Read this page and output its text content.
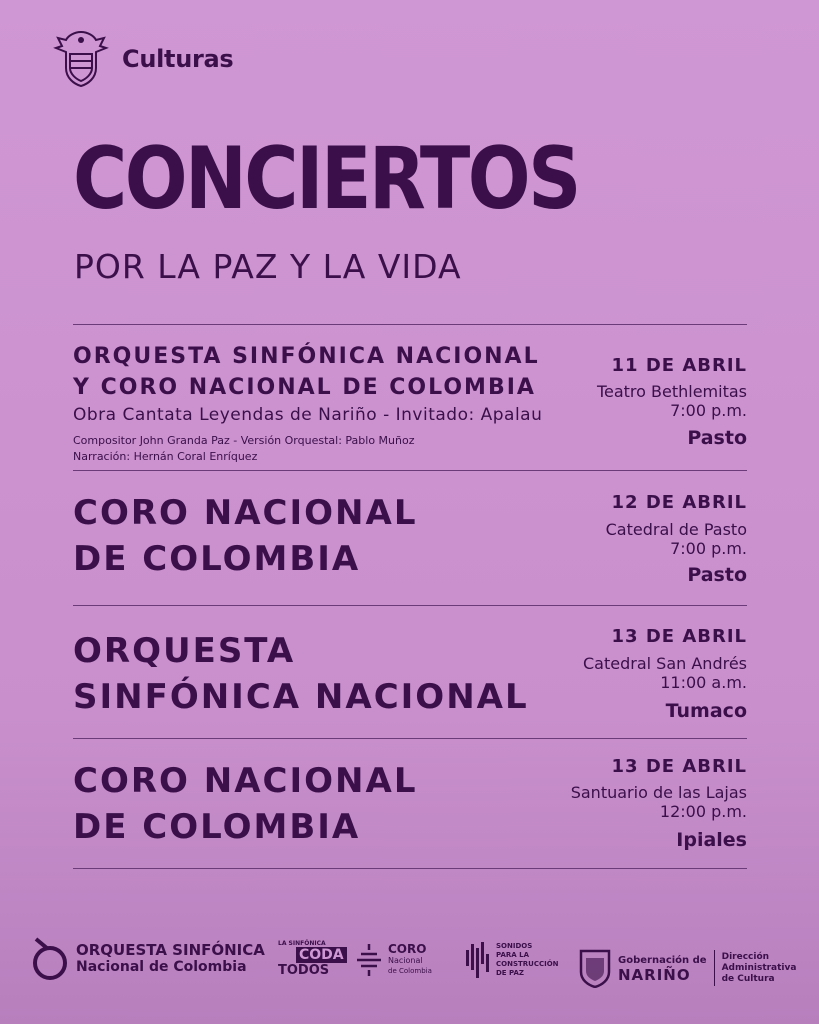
Culturas
CONCIERTOS
POR LA PAZ Y LA VIDA
ORQUESTA SINFÓNICA NACIONAL
Y CORO NACIONAL DE COLOMBIA
Obra Cantata Leyendas de Nariño - Invitado: Apalau
Compositor John Granda Paz - Versión Orquestal: Pablo Muñoz
Narración: Hernán Coral Enríquez
11 DE ABRIL
Teatro Bethlemitas
7:00 p.m.
Pasto
CORO NACIONAL
DE COLOMBIA
12 DE ABRIL
Catedral de Pasto
7:00 p.m.
Pasto
ORQUESTA
SINFÓNICA NACIONAL
13 DE ABRIL
Catedral San Andrés
11:00 a.m.
Tumaco
CORO NACIONAL
DE COLOMBIA
13 DE ABRIL
Santuario de las Lajas
12:00 p.m.
Ipiales
ORQUESTA SINFÓNICA
Nacional de Colombia
LA SINFÓNICA
CODA
TODOS
CORO
Nacional
de Colombia
SONIDOS
PARA LA
CONSTRUCCIÓN
DE PAZ
Gobernación de
NARIÑO
Dirección
Administrativa
de Cultura
